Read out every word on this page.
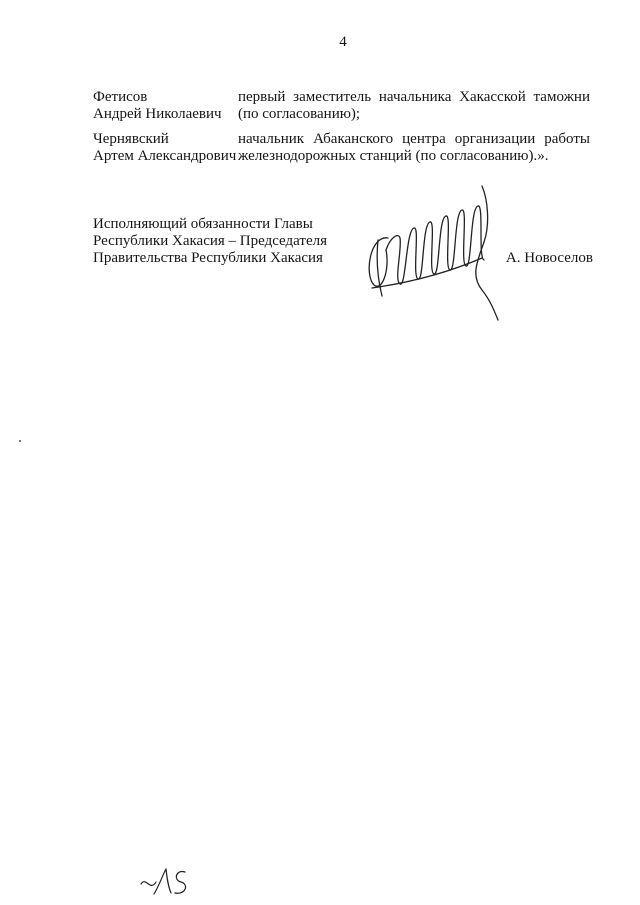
4
Фетисов
Андрей Николаевич
первый заместитель начальника Хакасской таможни
(по согласованию);
Чернявский
Артем Александрович
начальник Абаканского центра организации работы
железнодорожных станций (по согласованию).».
Исполняющий обязанности Главы
Республики Хакасия – Председателя
Правительства Республики Хакасия	А. Новоселов
